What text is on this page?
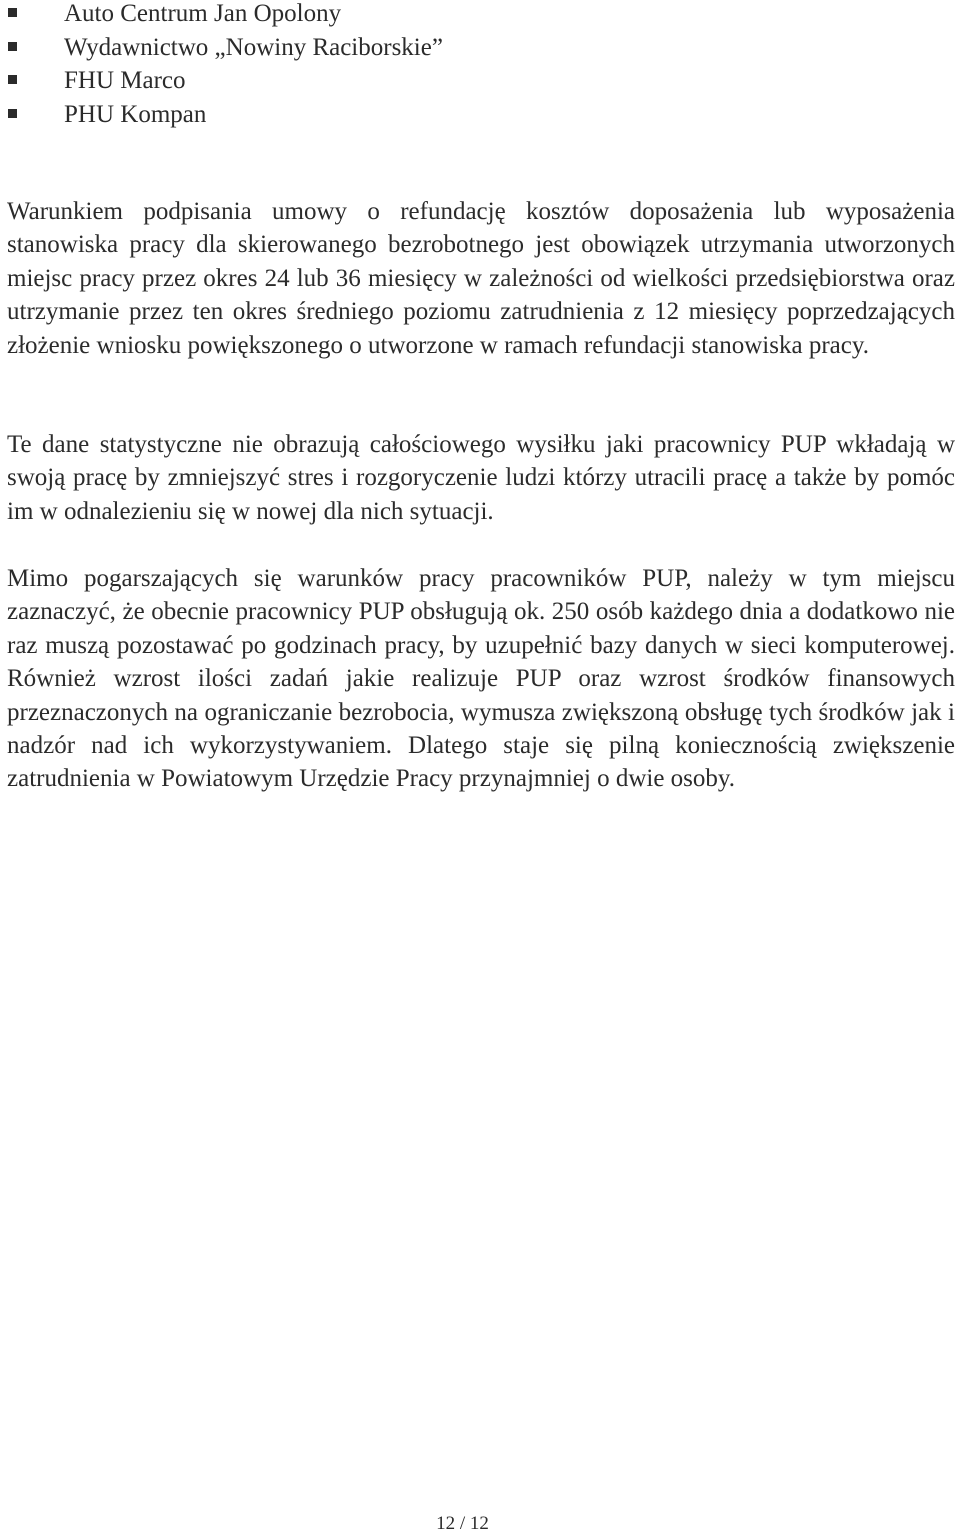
Auto Centrum Jan Opolony
Wydawnictwo „Nowiny Raciborskie”
FHU Marco
PHU Kompan

Warunkiem podpisania umowy o refundację kosztów doposażenia lub wyposażenia stanowiska pracy dla skierowanego bezrobotnego jest obowiązek utrzymania utworzonych miejsc pracy przez okres 24 lub 36 miesięcy w zależności od wielkości przedsiębiorstwa oraz utrzymanie przez ten okres średniego poziomu zatrudnienia z 12 miesięcy poprzedzających złożenie wniosku powiększonego o utworzone w ramach refundacji stanowiska pracy.

Te dane statystyczne nie obrazują całościowego wysiłku jaki pracownicy PUP wkładają w swoją pracę by zmniejszyć stres i rozgoryczenie ludzi którzy utracili pracę a także by pomóc im w odnalezieniu się w nowej dla nich sytuacji.

Mimo pogarszających się warunków pracy pracowników PUP, należy w tym miejscu zaznaczyć, że obecnie pracownicy PUP obsługują ok. 250 osób każdego dnia a dodatkowo nie raz muszą pozostawać po godzinach pracy, by uzupełnić bazy danych w sieci komputerowej. Również wzrost ilości zadań jakie realizuje PUP oraz wzrost środków finansowych przeznaczonych na ograniczanie bezrobocia, wymusza zwiększoną obsługę tych środków jak i nadzór nad ich wykorzystywaniem. Dlatego staje się pilną koniecznością zwiększenie zatrudnienia w Powiatowym Urzędzie Pracy przynajmniej o dwie osoby.

12 / 12
